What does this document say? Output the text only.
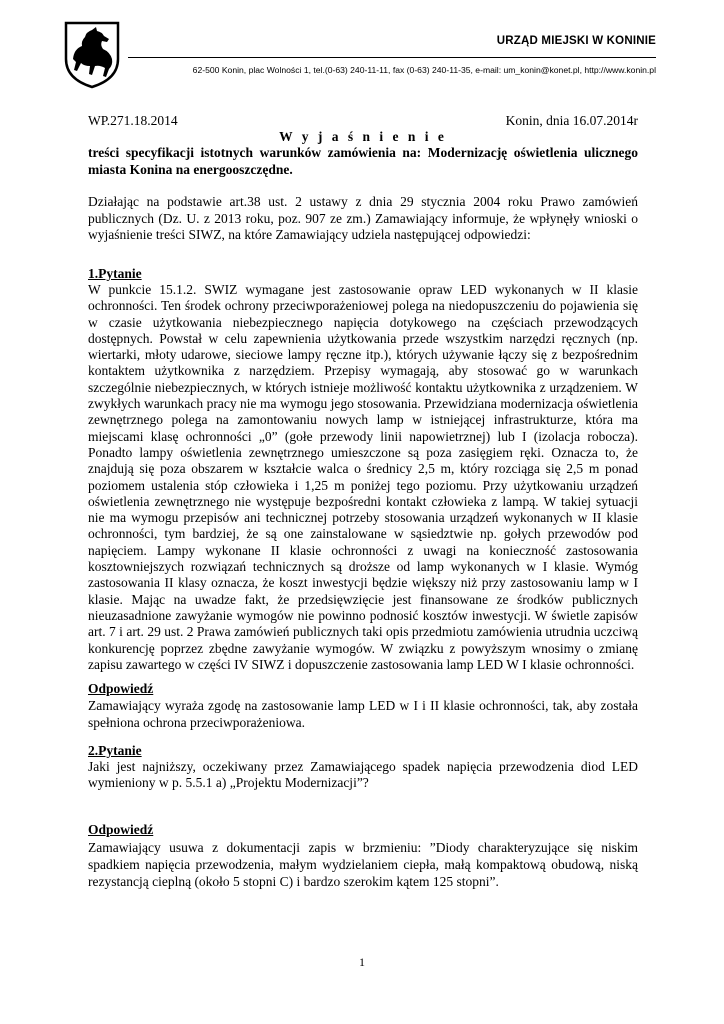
URZĄD MIEJSKI W KONINIE
62-500 Konin, plac Wolności 1, tel.(0-63) 240-11-11, fax (0-63) 240-11-35, e-mail: um_konin@konet.pl, http://www.konin.pl
WP.271.18.2014	Konin, dnia 16.07.2014r
W y j a ś n i e n i e
treści specyfikacji istotnych warunków zamówienia na: Modernizację oświetlenia ulicznego miasta Konina na energooszczędne.
Działając na podstawie art.38 ust. 2 ustawy z dnia 29 stycznia 2004 roku Prawo zamówień publicznych (Dz. U. z 2013 roku, poz. 907 ze zm.) Zamawiający informuje, że wpłynęły wnioski o wyjaśnienie treści SIWZ, na które Zamawiający udziela następującej odpowiedzi:
1.Pytanie
W punkcie 15.1.2. SWIZ wymagane jest zastosowanie opraw LED wykonanych w II klasie ochronności. Ten środek ochrony przeciwporażeniowej polega na niedopuszczeniu do pojawienia się w czasie użytkowania niebezpiecznego napięcia dotykowego na częściach przewodzących dostępnych. Powstał w celu zapewnienia użytkowania przede wszystkim narzędzi ręcznych (np. wiertarki, młoty udarowe, sieciowe lampy ręczne itp.), których używanie łączy się z bezpośrednim kontaktem użytkownika z narzędziem. Przepisy wymagają, aby stosować go w warunkach szczególnie niebezpiecznych, w których istnieje możliwość kontaktu użytkownika z urządzeniem. W zwykłych warunkach pracy nie ma wymogu jego stosowania. Przewidziana modernizacja oświetlenia zewnętrznego polega na zamontowaniu nowych lamp w istniejącej infrastrukturze, która ma miejscami klasę ochronności „0” (gołe przewody linii napowietrznej) lub I (izolacja robocza). Ponadto lampy oświetlenia zewnętrznego umieszczone są poza zasięgiem ręki. Oznacza to, że znajdują się poza obszarem w kształcie walca o średnicy 2,5 m, który rozciąga się 2,5 m ponad poziomem ustalenia stóp człowieka i 1,25 m poniżej tego poziomu. Przy użytkowaniu urządzeń oświetlenia zewnętrznego nie występuje bezpośredni kontakt człowieka z lampą. W takiej sytuacji nie ma wymogu przepisów ani technicznej potrzeby stosowania urządzeń wykonanych w II klasie ochronności, tym bardziej, że są one zainstalowane w sąsiedztwie np. gołych przewodów pod napięciem. Lampy wykonane II klasie ochronności z uwagi na konieczność zastosowania kosztowniejszych rozwiązań technicznych są droższe od lamp wykonanych w I klasie. Wymóg zastosowania II klasy oznacza, że koszt inwestycji będzie większy niż przy zastosowaniu lamp w I klasie. Mając na uwadze fakt, że przedsięwzięcie jest finansowane ze środków publicznych nieuzasadnione zawyżanie wymogów nie powinno podnosić kosztów inwestycji. W świetle zapisów art. 7 i art. 29 ust. 2 Prawa zamówień publicznych taki opis przedmiotu zamówienia utrudnia uczciwą konkurencję poprzez zbędne zawyżanie wymogów. W związku z powyższym wnosimy o zmianę zapisu zawartego w części IV SIWZ i dopuszczenie zastosowania lamp LED W I klasie ochronności.
Odpowiedź
Zamawiający wyraża zgodę na zastosowanie lamp LED w I i II klasie ochronności, tak, aby została spełniona ochrona przeciwporażeniowa.
2.Pytanie
Jaki jest najniższy, oczekiwany przez Zamawiającego spadek napięcia przewodzenia diod LED wymieniony w p. 5.5.1 a) „Projektu Modernizacji”?
Odpowiedź
Zamawiający usuwa z dokumentacji zapis w brzmieniu: ”Diody charakteryzujące się niskim spadkiem napięcia przewodzenia, małym wydzielaniem ciepła, małą kompaktową obudową, niską rezystancją cieplną (około 5 stopni C) i bardzo szerokim kątem 125 stopni”.
1
